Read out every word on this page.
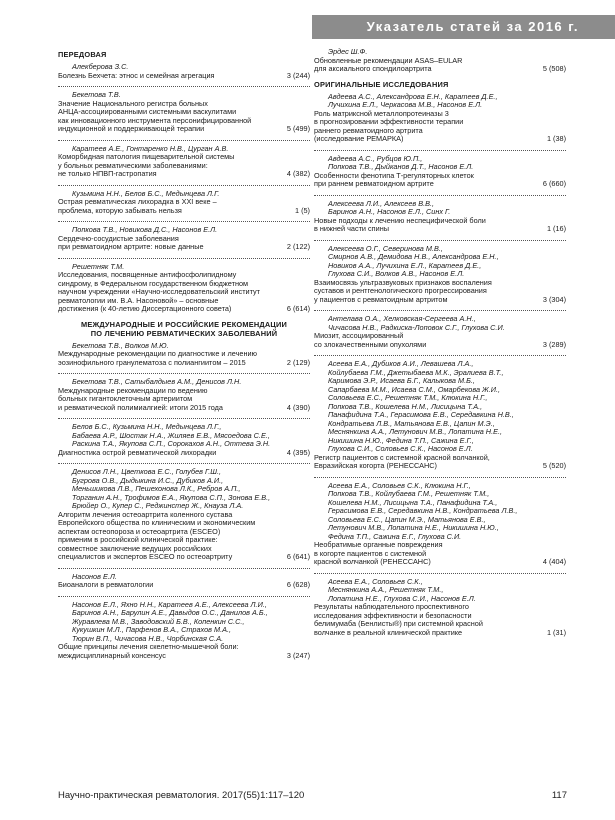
Указатель статей за 2016 г.
ПЕРЕДОВАЯ
Алекберова З.С.
Болезнь Бехчета: этнос и семейная агрегация	3 (244)
Бекетова Т.В.
Значение Национального регистра больных
АНЦА-ассоциированными системными васкулитами
как инновационного инструмента персонифицированной
индукционной и поддерживающей терапии	5 (499)
Каратеев А.Е., Гонтаренко Н.В., Цурган А.В.
Коморбидная патология пищеварительной системы
у больных ревматическими заболеваниями:
не только НПВП-гастропатия	4 (382)
Кузьмина Н.Н., Белов Б.С., Медынцева Л.Г.
Острая ревматическая лихорадка в XXI веке –
проблема, которую забывать нельзя	1 (5)
Попкова Т.В., Новикова Д.С., Насонов Е.Л.
Сердечно-сосудистые заболевания
при ревматоидном артрите: новые данные	2 (122)
Решетняк Т.М.
Исследования, посвященные антифосфолипидному
синдрому, в Федеральном государственном бюджетном
научном учреждении «Научно-исследовательский институт
ревматологии им. В.А. Насоновой» – основные
достижения (к 40-летию Диссертационного совета)	6 (614)
МЕЖДУНАРОДНЫЕ И РОССИЙСКИЕ РЕКОМЕНДАЦИИ
ПО ЛЕЧЕНИЮ РЕВМАТИЧЕСКИХ ЗАБОЛЕВАНИЙ
Бекетова Т.В., Волков М.Ю.
Международные рекомендации по диагностике и лечению
эозинофильного гранулематоза с полиангиитом – 2015	2 (129)
Бекетова Т.В., Сатыбалдыев А.М., Денисов Л.Н.
Международные рекомендации по ведению
больных гигантоклеточным артериитом
и ревматической полимиалгией: итоги 2015 года	4 (390)
Белов Б.С., Кузьмина Н.Н., Медынцева Л.Г.,
Бабаева А.Р., Шостак Н.А., Жиляев Е.В., Мясоедова С.Е.,
Раскина Т.А., Якупова С.П., Сорокахов А.Н., Оттева Э.Н.
Диагностика острой ревматической лихорадки	4 (395)
Денисов Л.Н., Цветкова Е.С., Голубев Г.Ш.,
Бугрова О.В., Дыдыкина И.С., Дубиков А.И.,
Меньшикова Л.В., Пешехонова Л.К., Ребров А.П.,
Торганин А.Н., Трофимов Е.А., Якупова С.П., Зонова Е.В.,
Брюйер О., Купер С., Реджинстер Ж., Кнауза Л.А.
Алгоритм лечения остеоартрита коленного сустава
Европейского общества по клиническим и экономическим
аспектам остеопороза и остеоартрита (ESCEO)
применим в российской клинической практике:
совместное заключение ведущих российских
специалистов и экспертов ESCEO по остеоартриту	6 (641)
Насонов Е.Л.
Биоаналоги в ревматологии	6 (628)
Насонов Е.Л., Яхно Н.Н., Каратеев А.Е., Алексеева Л.И.,
Баринов А.Н., Барулин А.Е., Давыдов О.С., Данилов А.Б.,
Журавлева М.В., Заводовский Б.В., Копенкин С.С.,
Кукушкин М.Л., Парфенов В.А., Страхов М.А.,
Тюрин В.П., Чичасова Н.В., Чорбинская С.А.
Общие принципы лечения скелетно-мышечной боли:
междисциплинарный консенсус	3 (247)
Эрдес Ш.Ф.
Обновленные рекомендации ASAS–EULAR
для аксиального спондилоартрита	5 (508)
ОРИГИНАЛЬНЫЕ ИССЛЕДОВАНИЯ
Авдеева А.С., Александрова Е.Н., Каратеев Д.Е.,
Лучихина Е.Л., Черкасова М.В., Насонов Е.Л.
Роль матриксной металлопротеиназы 3
в прогнозировании эффективности терапии
раннего ревматоидного артрита
(исследование РЕМАРКА)	1 (38)
Авдеева А.С., Рубцов Ю.П.,
Попкова Т.В., Дыйканов Д.Т., Насонов Е.Л.
Особенности фенотипа Т-регуляторных клеток
при раннем ревматоидном артрите	6 (660)
Алексеева Л.И., Алексеев В.В.,
Баринов А.Н., Насонов Е.Л., Синх Г.
Новые подходы к лечению неспецифической боли
в нижней части спины	1 (16)
Алексеева О.Г., Северинова М.В.,
Смирнов А.В., Демидова Н.В., Александрова Е.Н.,
Новиков А.А., Лучихина Е.Л., Каратеев Д.Е.,
Глухова С.И., Волков А.В., Насонов Е.Л.
Взаимосвязь ультразвуковых признаков воспаления
суставов и рентгенологического прогрессирования
у пациентов с ревматоидным артритом	3 (304)
Антелава О.А., Хелковская-Сергеева А.Н.,
Чичасова Н.В., Радкиска-Лоповок С.Г., Глухова С.И.
Миозит, ассоциированный
со злокачественными опухолями	3 (289)
Асеева Е.А., Дубиков А.И., Левашева Л.А.,
Койлубаева Г.М., Джетыбаева М.К., Эралиева В.Т.,
Каримова Э.Р., Исаева Б.Г., Калыкова М.Б.,
Сапарбаева М.М., Исаева С.М., Омарбекова Ж.И.,
Соловьева Е.С., Решетняк Т.М., Клюкина Н.Г.,
Попкова Т.В., Кошелева Н.М., Лисицына Т.А.,
Панафидина Т.А., Герасимова Е.В., Середавкина Н.В.,
Кондратьева Л.В., Матьянова Е.В., Цапин М.Э.,
Меснянкина А.А., Летунович М.В., Лопатина Н.Е.,
Никишина Н.Ю., Федина Т.П., Сажина Е.Г.,
Глухова С.И., Соловьев С.К., Насонов Е.Л.
Регистр пациентов с системной красной волчанкой,
Евразийская когорта (РЕНЕССАНС)	5 (520)
Асеева Е.А., Соловьев С.К., Клюкина Н.Г.,
Попкова Т.В., Койлубаева Г.М., Решетняк Т.М.,
Кошелева Н.М., Лисицына Т.А., Панафидина Т.А.,
Герасимова Е.В., Середавкина Н.В., Кондратьева Л.В.,
Соловьева Е.С., Цапин М.Э., Матьянова Е.В.,
Летунович М.В., Лопатина Н.Е., Никишина Н.Ю.,
Федина Т.П., Сажина Е.Г., Глухова С.И.
Необратимые органные повреждения
в когорте пациентов с системной
красной волчанкой (РЕНЕССАНС)	4 (404)
Асеева Е.А., Соловьев С.К.,
Меснянкина А.А., Решетняк Т.М.,
Лопатина Н.Е., Глухова С.И., Насонов Е.Л.
Результаты наблюдательного проспективного
исследования эффективности и безопасности
белимумаба (Бенлисты®) при системной красной
волчанке в реальной клинической практике	1 (31)
Научно-практическая ревматология. 2017(55)1:117–120	117
